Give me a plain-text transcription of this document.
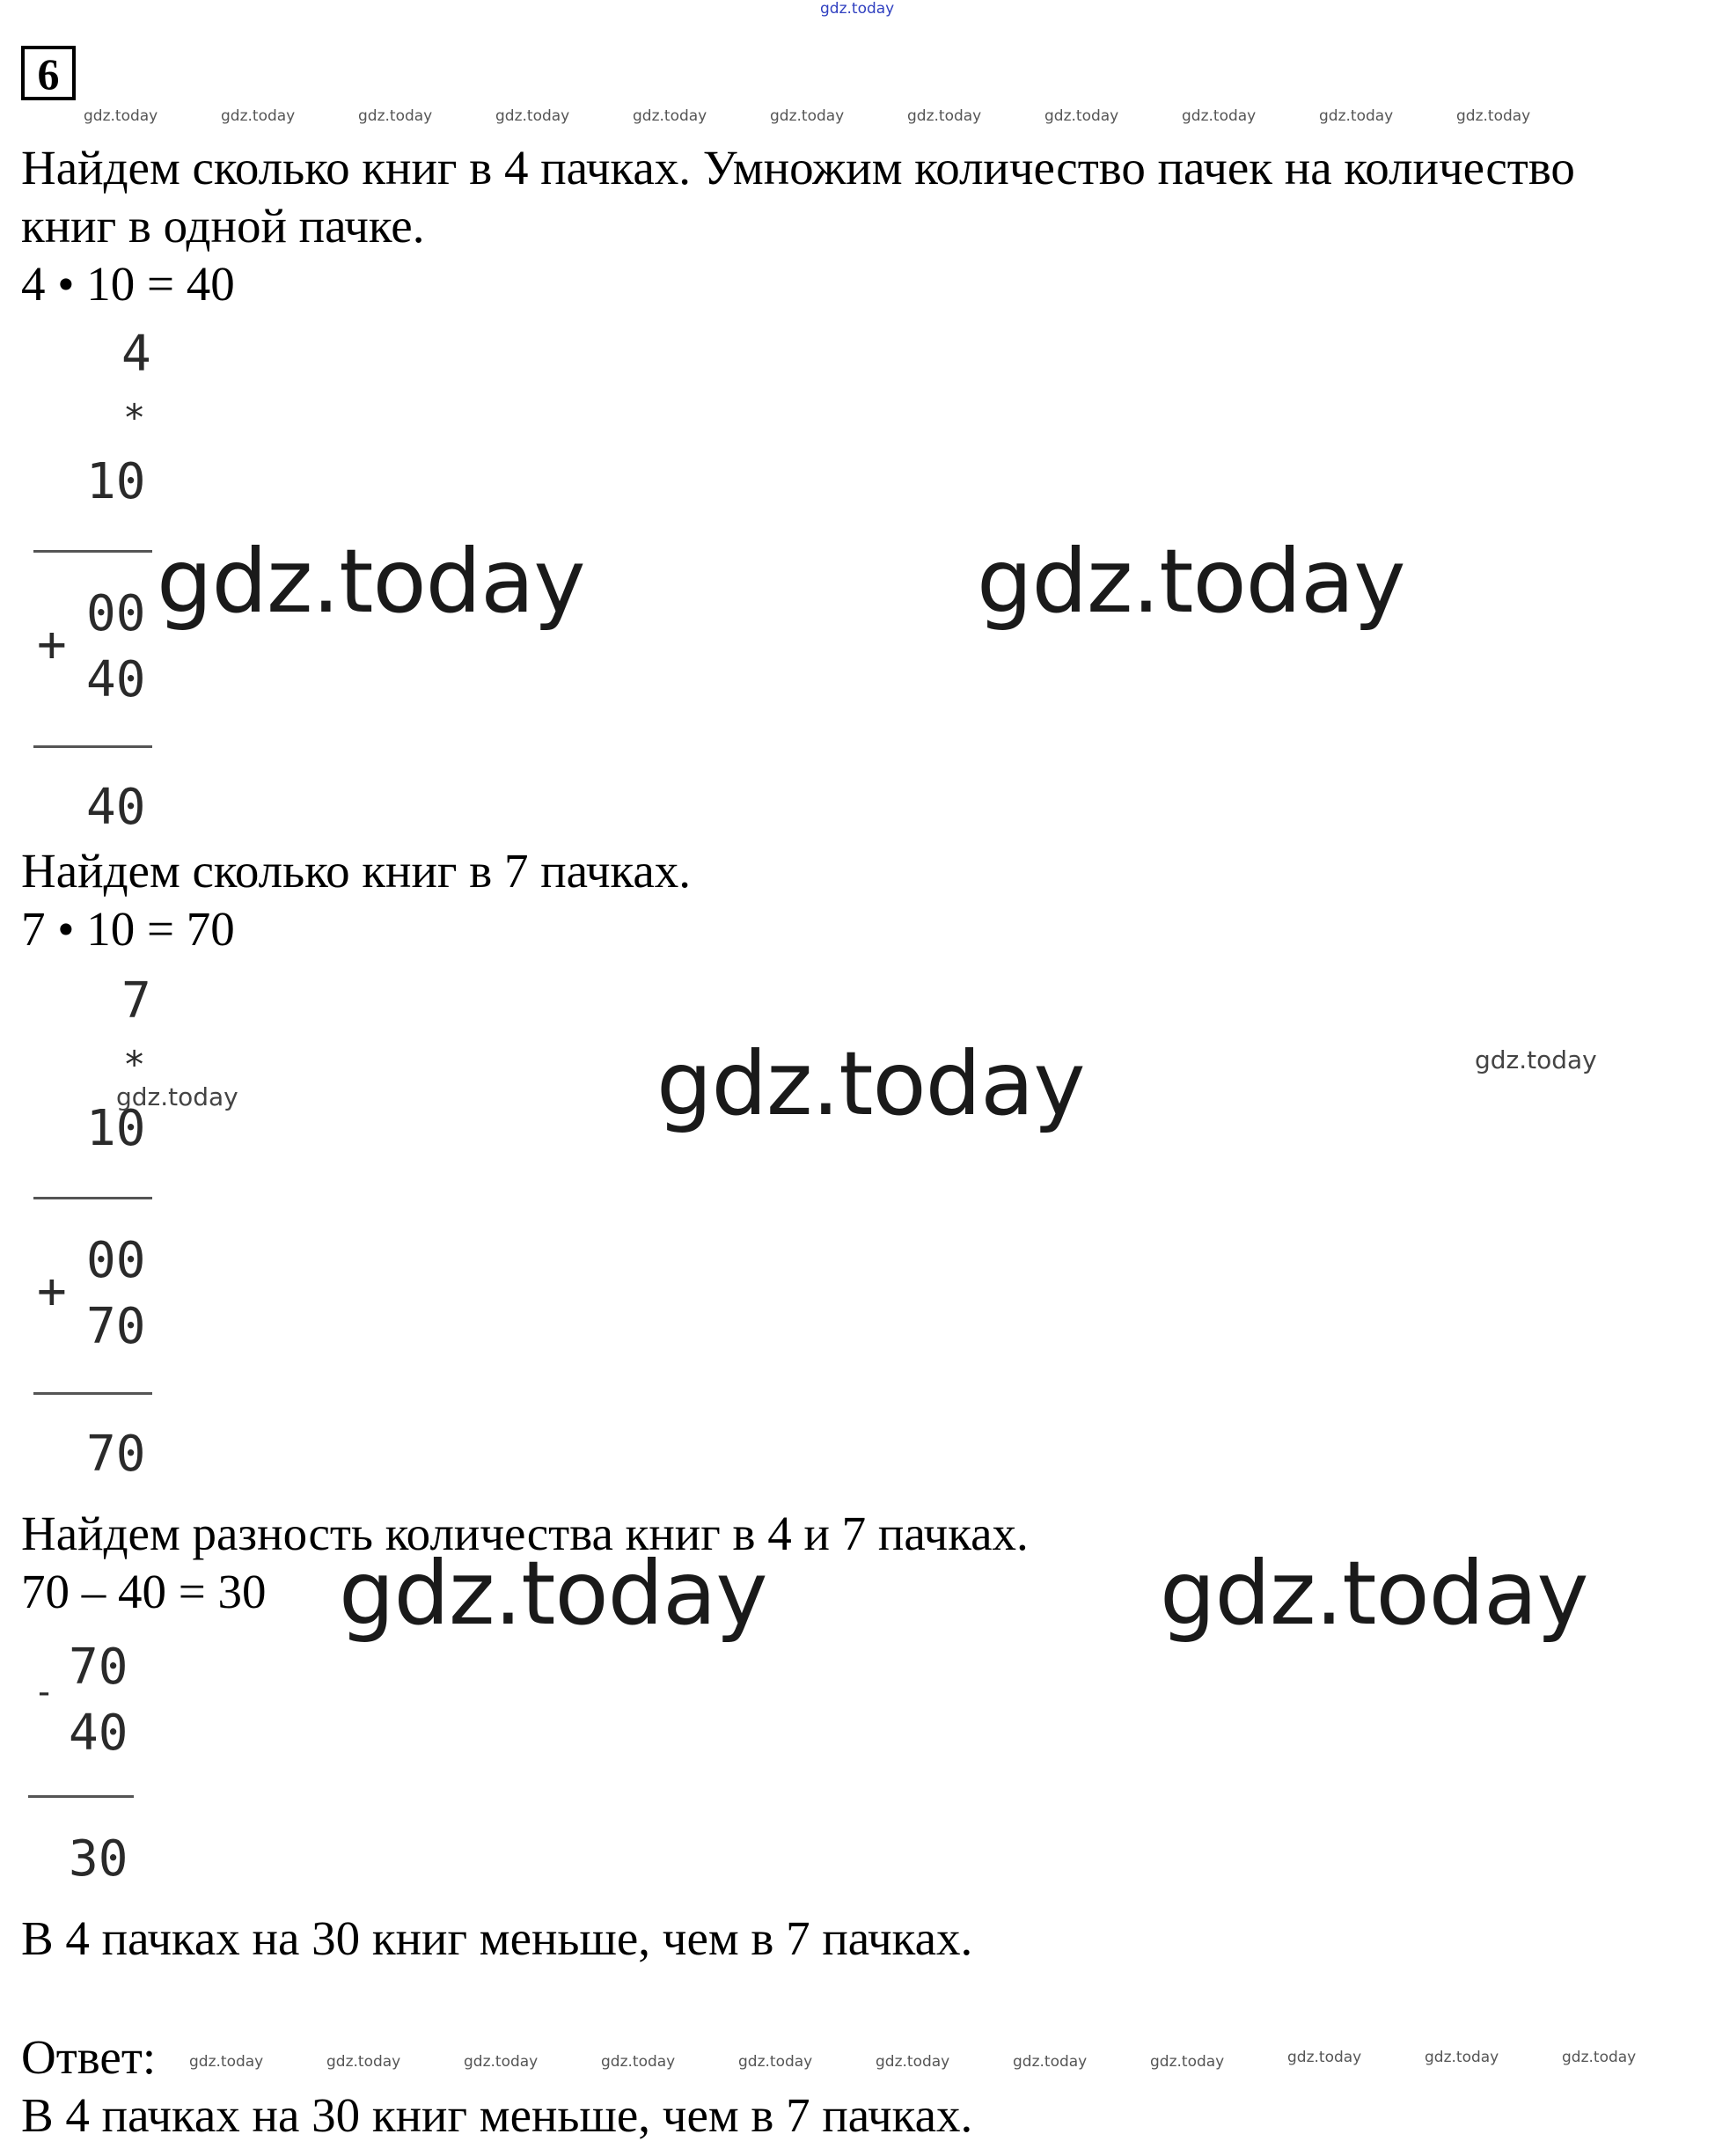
gdz.today
6
gdz.today	gdz.today	gdz.today	gdz.today	gdz.today	gdz.today	gdz.today	gdz.today	gdz.today	gdz.today	gdz.today
Найдем сколько книг в 4 пачках. Умножим количество пачек на количество
книг в одной пачке.
4 • 10 = 40
4
*
10
00
+
40
40
gdz.today	gdz.today
Найдем сколько книг в 7 пачках.
7 • 10 = 70
7
*
10
00
+
70
70
gdz.today	gdz.today	gdz.today
Найдем разность количества книг в 4 и 7 пачках.
70 – 40 = 30 gdz.today	gdz.today
- 70
40
30
В 4 пачках на 30 книг меньше, чем в 7 пачках.
Ответ: gdz.today	gdz.today	gdz.today	gdz.today	gdz.today	gdz.today	gdz.today	gdz.today	gdz.today	gdz.today	gdz.today
В 4 пачках на 30 книг меньше, чем в 7 пачках.
